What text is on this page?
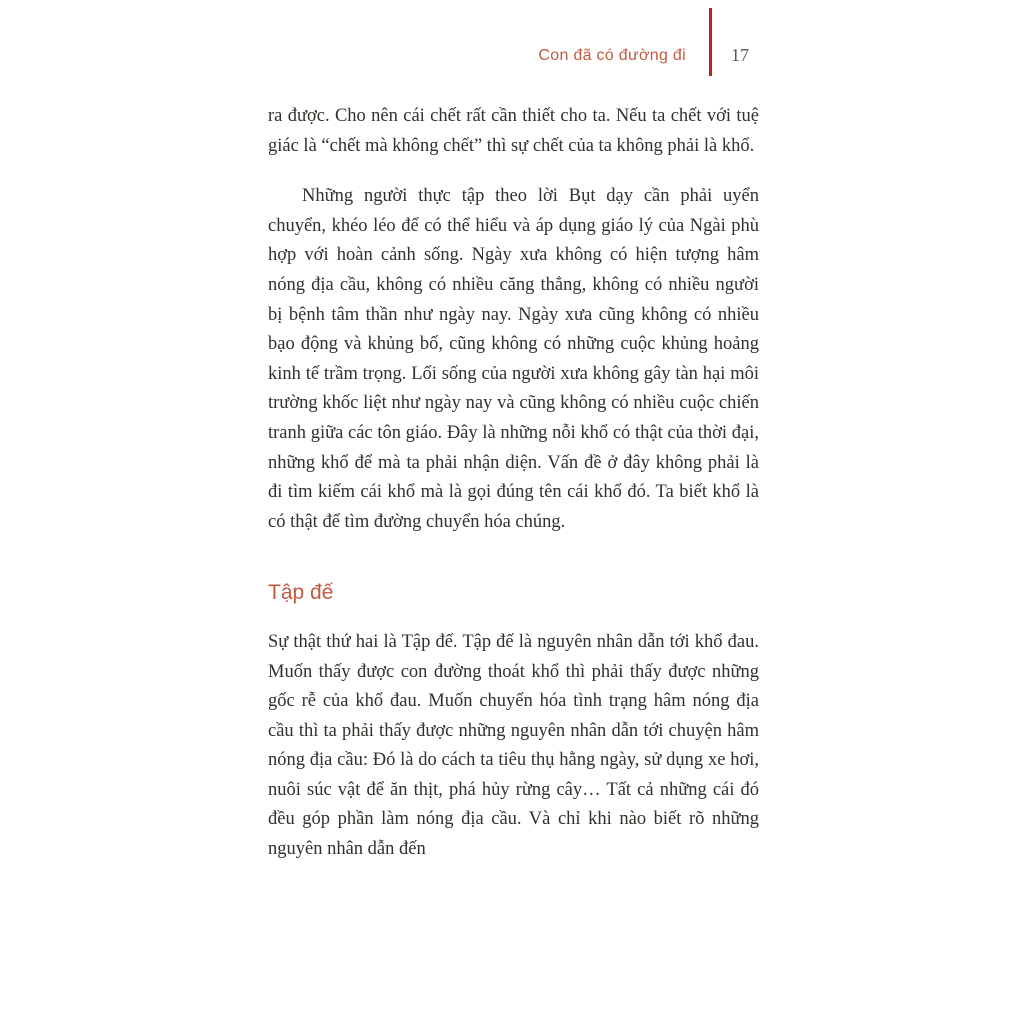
Con đã có đường đi	17

ra được. Cho nên cái chết rất cần thiết cho ta. Nếu ta chết với tuệ giác là “chết mà không chết” thì sự chết của ta không phải là khổ.

Những người thực tập theo lời Bụt dạy cần phải uyển chuyển, khéo léo để có thể hiểu và áp dụng giáo lý của Ngài phù hợp với hoàn cảnh sống. Ngày xưa không có hiện tượng hâm nóng địa cầu, không có nhiều căng thẳng, không có nhiều người bị bệnh tâm thần như ngày nay. Ngày xưa cũng không có nhiều bạo động và khủng bố, cũng không có những cuộc khủng hoảng kinh tế trầm trọng. Lối sống của người xưa không gây tàn hại môi trường khốc liệt như ngày nay và cũng không có nhiều cuộc chiến tranh giữa các tôn giáo. Đây là những nỗi khổ có thật của thời đại, những khổ để mà ta phải nhận diện. Vấn đề ở đây không phải là đi tìm kiếm cái khổ mà là gọi đúng tên cái khổ đó. Ta biết khổ là có thật để tìm đường chuyển hóa chúng.

Tập đế

Sự thật thứ hai là Tập đế. Tập đế là nguyên nhân dẫn tới khổ đau. Muốn thấy được con đường thoát khổ thì phải thấy được những gốc rễ của khổ đau. Muốn chuyển hóa tình trạng hâm nóng địa cầu thì ta phải thấy được những nguyên nhân dẫn tới chuyện hâm nóng địa cầu: Đó là do cách ta tiêu thụ hằng ngày, sử dụng xe hơi, nuôi súc vật để ăn thịt, phá hủy rừng cây… Tất cả những cái đó đều góp phần làm nóng địa cầu. Và chỉ khi nào biết rõ những nguyên nhân dẫn đến
